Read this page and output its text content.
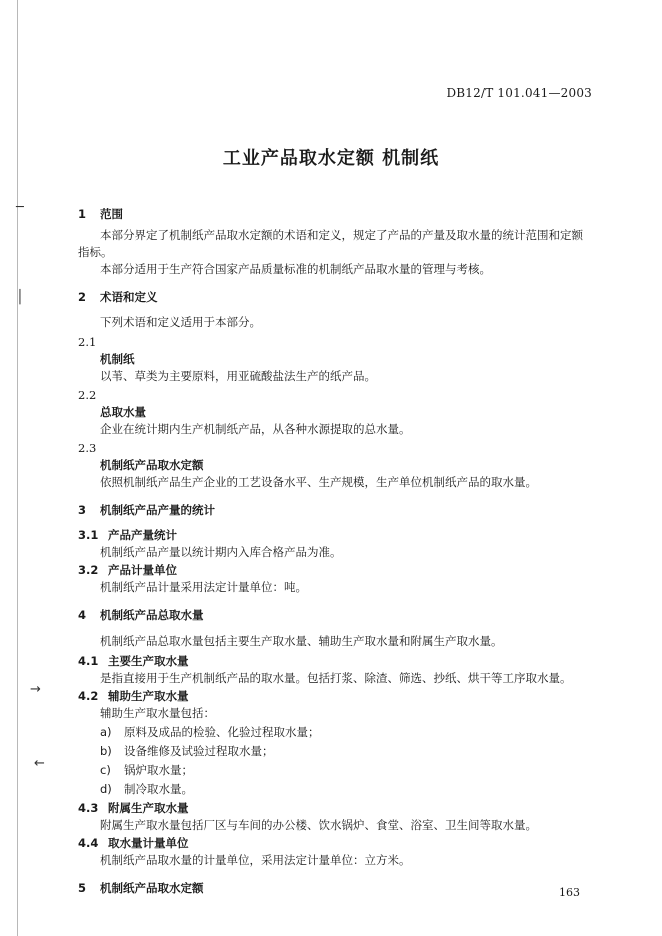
─
│
→
←
DB12/T 101.041—2003
工业产品取水定额 机制纸
1 范围
本部分界定了机制纸产品取水定额的术语和定义，规定了产品的产量及取水量的统计范围和定额
指标。
本部分适用于生产符合国家产品质量标准的机制纸产品取水量的管理与考核。
2 术语和定义
下列术语和定义适用于本部分。
2.1
机制纸
以苇、草类为主要原料，用亚硫酸盐法生产的纸产品。
2.2
总取水量
企业在统计期内生产机制纸产品，从各种水源提取的总水量。
2.3
机制纸产品取水定额
依照机制纸产品生产企业的工艺设备水平、生产规模，生产单位机制纸产品的取水量。
3 机制纸产品产量的统计
3.1 产品产量统计
机制纸产品产量以统计期内入库合格产品为准。
3.2 产品计量单位
机制纸产品计量采用法定计量单位：吨。
4 机制纸产品总取水量
机制纸产品总取水量包括主要生产取水量、辅助生产取水量和附属生产取水量。
4.1 主要生产取水量
是指直接用于生产机制纸产品的取水量。包括打浆、除渣、筛选、抄纸、烘干等工序取水量。
4.2 辅助生产取水量
辅助生产取水量包括：
a) 原料及成品的检验、化验过程取水量；
b) 设备维修及试验过程取水量；
c) 锅炉取水量；
d) 制冷取水量。
4.3 附属生产取水量
附属生产取水量包括厂区与车间的办公楼、饮水锅炉、食堂、浴室、卫生间等取水量。
4.4 取水量计量单位
机制纸产品取水量的计量单位，采用法定计量单位：立方米。
5 机制纸产品取水定额	163
